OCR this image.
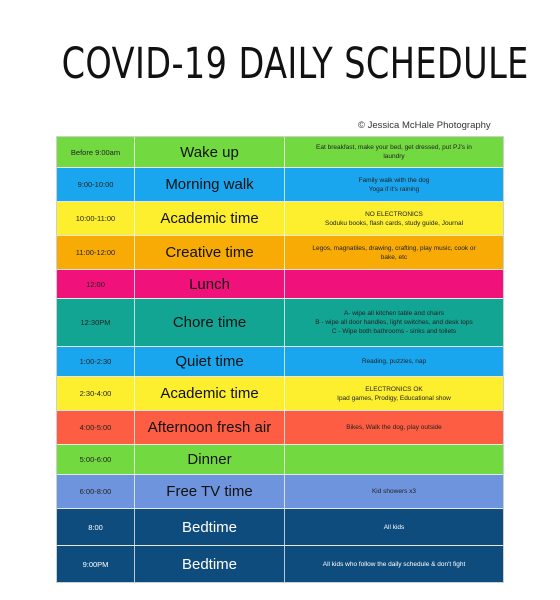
COVID-19 DAILY SCHEDULE
© Jessica McHale Photography
Before 9:00am	Wake up	Eat breakfast, make your bed, get dressed, put PJ's in
laundry
9:00-10:00	Morning walk	Family walk with the dog
Yoga if it's raining
10:00-11:00	Academic time	NO ELECTRONICS
Soduku books, flash cards, study guide, Journal
11:00-12:00	Creative time	Legos, magnatiles, drawing, crafting, play music, cook or
bake, etc
12:00	Lunch
12:30PM	Chore time
A- wipe all kitchen table and chairs
B - wipe all door handles, light switches, and desk tops
C - Wipe both bathrooms - sinks and toilets
1:00-2:30	Quiet time	Reading, puzzles, nap
2:30-4:00	Academic time	ELECTRONICS OK
Ipad games, Prodigy, Educational show
4:00-5:00	Afternoon fresh air	Bikes, Walk the dog, play outside
5:00-6:00	Dinner
6:00-8:00	Free TV time	Kid showers x3
8:00	Bedtime	All kids
9:00PM	Bedtime	All kids who follow the daily schedule & don't fight
